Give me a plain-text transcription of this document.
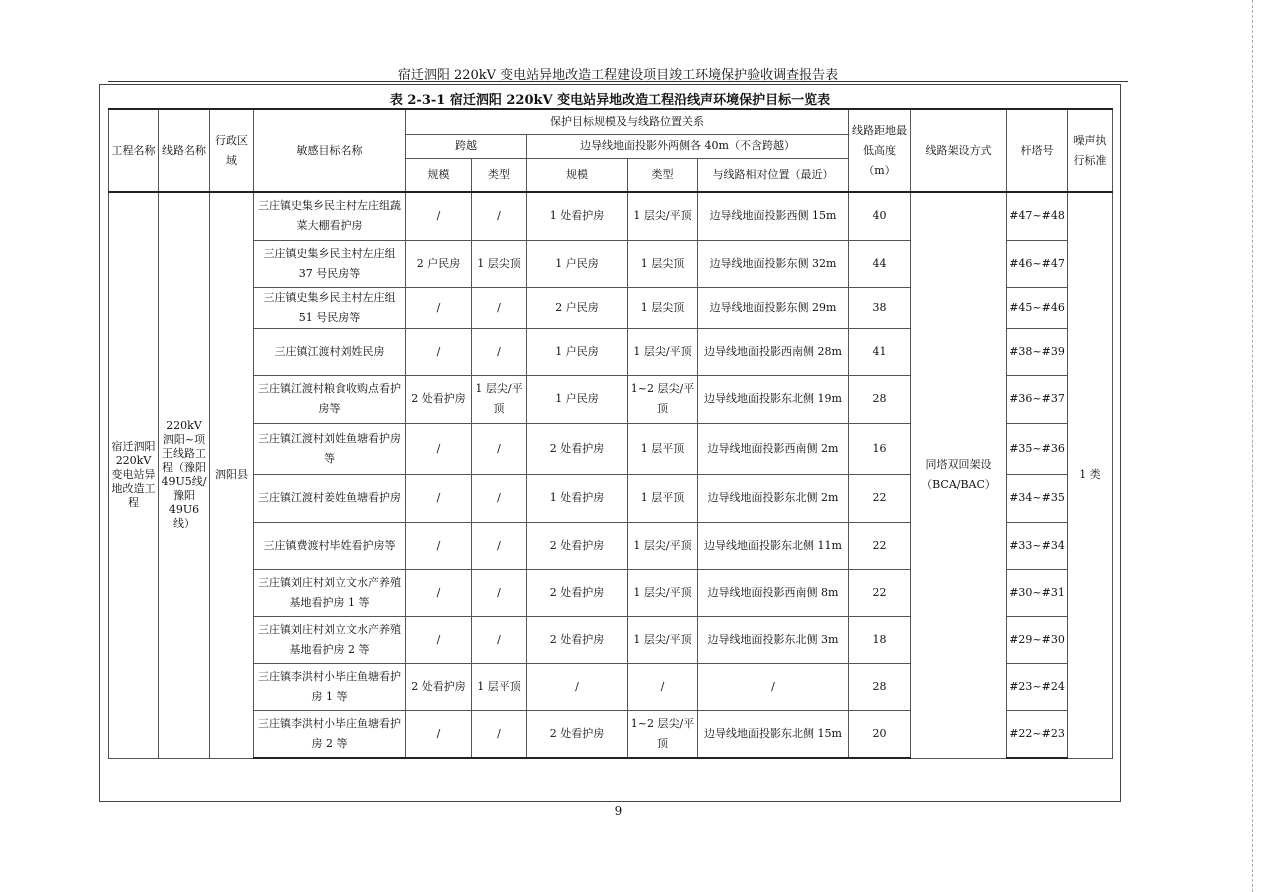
宿迁泗阳 220kV 变电站异地改造工程建设项目竣工环境保护验收调查报告表
表 2-3-1 宿迁泗阳 220kV 变电站异地改造工程沿线声环境保护目标一览表
工程名称	线路名称	行政区域	敏感目标名称	保护目标规模及与线路位置关系					线路距地最低高度（m）	线路架设方式	杆塔号	噪声执行标准
				跨越		边导线地面投影外两侧各 40m（不含跨越）						
				规模	类型	规模	类型	与线路相对位置（最近）				
宿迁泗阳220kV变电站异地改造工程	220kV泗阳~项王线路工程（豫阳49U5线/豫阳49U6线）	泗阳县	三庄镇史集乡民主村左庄组蔬菜大棚看护房	/	/	1 处看护房	1 层尖/平顶	边导线地面投影西侧 15m	40	同塔双回架设（BCA/BAC）	#47~#48	1 类
			三庄镇史集乡民主村左庄组 37 号民房等	2 户民房	1 层尖顶	1 户民房	1 层尖顶	边导线地面投影东侧 32m	44		#46~#47	
			三庄镇史集乡民主村左庄组 51 号民房等	/	/	2 户民房	1 层尖顶	边导线地面投影东侧 29m	38		#45~#46	
			三庄镇江渡村刘姓民房	/	/	1 户民房	1 层尖/平顶	边导线地面投影西南侧 28m	41		#38~#39	
			三庄镇江渡村粮食收购点看护房等	2 处看护房	1 层尖/平顶	1 户民房	1~2 层尖/平顶	边导线地面投影东北侧 19m	28		#36~#37	
			三庄镇江渡村刘姓鱼塘看护房等	/	/	2 处看护房	1 层平顶	边导线地面投影西南侧 2m	16		#35~#36	
			三庄镇江渡村姜姓鱼塘看护房	/	/	1 处看护房	1 层平顶	边导线地面投影东北侧 2m	22		#34~#35	
			三庄镇费渡村毕姓看护房等	/	/	2 处看护房	1 层尖/平顶	边导线地面投影东北侧 11m	22		#33~#34	
			三庄镇刘庄村刘立文水产养殖基地看护房 1 等	/	/	2 处看护房	1 层尖/平顶	边导线地面投影西南侧 8m	22		#30~#31	
			三庄镇刘庄村刘立文水产养殖基地看护房 2 等	/	/	2 处看护房	1 层尖/平顶	边导线地面投影东北侧 3m	18		#29~#30	
			三庄镇李洪村小毕庄鱼塘看护房 1 等	2 处看护房	1 层平顶	/	/	/	28		#23~#24	
			三庄镇李洪村小毕庄鱼塘看护房 2 等	/	/	2 处看护房	1~2 层尖/平顶	边导线地面投影东北侧 15m	20		#22~#23	
9
